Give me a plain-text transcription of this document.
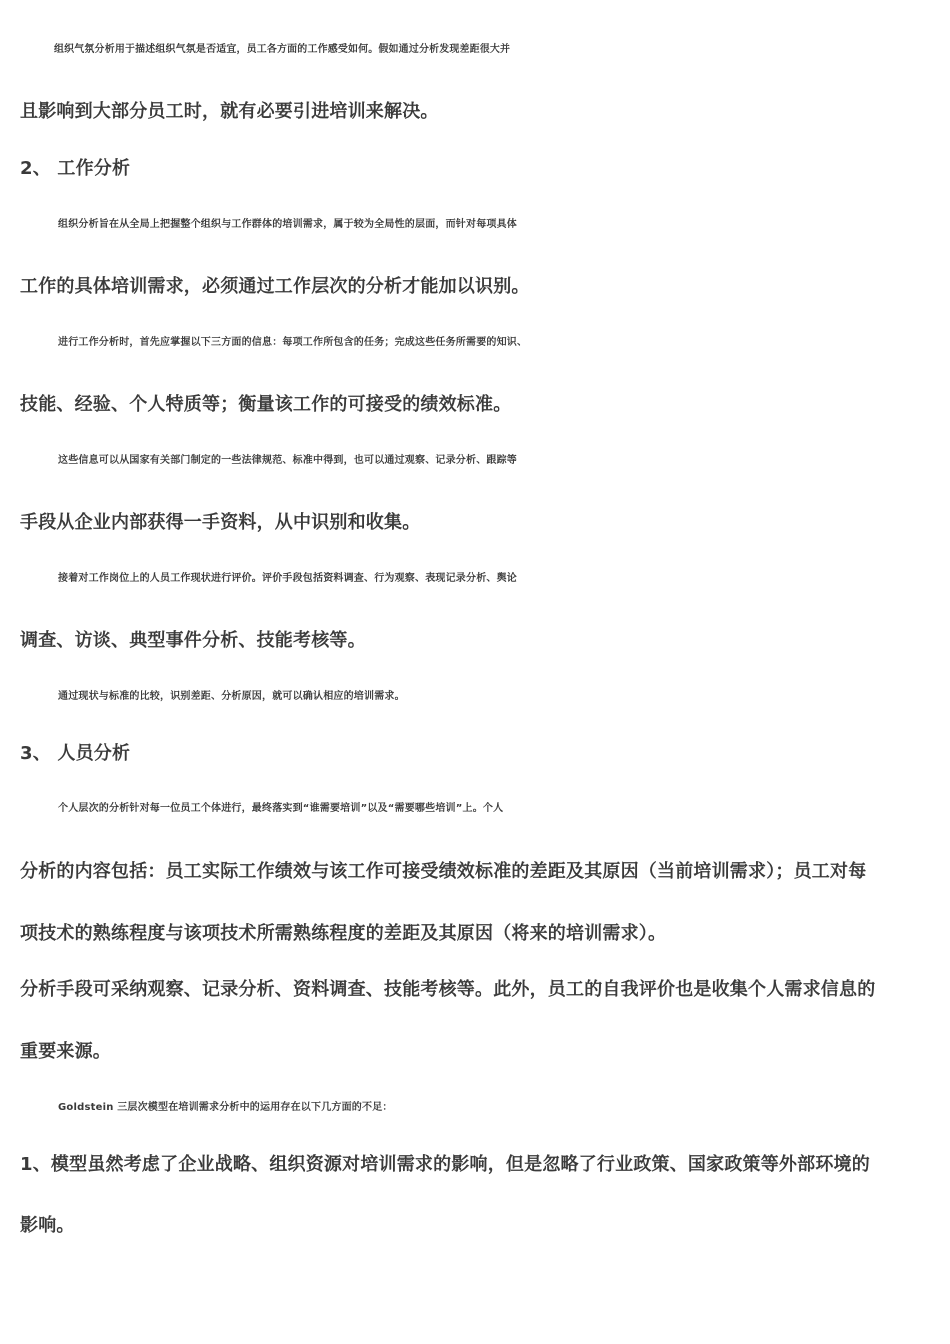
组织气氛分析用于描述组织气氛是否适宜，员工各方面的工作感受如何。假如通过分析发现差距很大并
且影响到大部分员工时，就有必要引进培训来解决。
2、 工作分析
组织分析旨在从全局上把握整个组织与工作群体的培训需求，属于较为全局性的层面，而针对每项具体
工作的具体培训需求，必须通过工作层次的分析才能加以识别。
进行工作分析时，首先应掌握以下三方面的信息：每项工作所包含的任务；完成这些任务所需要的知识、
技能、经验、个人特质等；衡量该工作的可接受的绩效标准。
这些信息可以从国家有关部门制定的一些法律规范、标准中得到，也可以通过观察、记录分析、跟踪等
手段从企业内部获得一手资料，从中识别和收集。
接着对工作岗位上的人员工作现状进行评价。评价手段包括资料调查、行为观察、表现记录分析、舆论
调查、访谈、典型事件分析、技能考核等。
通过现状与标准的比较，识别差距、分析原因，就可以确认相应的培训需求。
3、 人员分析
个人层次的分析针对每一位员工个体进行，最终落实到“谁需要培训”以及“需要哪些培训”上。个人
分析的内容包括：员工实际工作绩效与该工作可接受绩效标准的差距及其原因（当前培训需求）；员工对每
项技术的熟练程度与该项技术所需熟练程度的差距及其原因（将来的培训需求）。
分析手段可采纳观察、记录分析、资料调查、技能考核等。此外，员工的自我评价也是收集个人需求信息的
重要来源。
Goldstein 三层次模型在培训需求分析中的运用存在以下几方面的不足：
1、模型虽然考虑了企业战略、组织资源对培训需求的影响，但是忽略了行业政策、国家政策等外部环境的
影响。
